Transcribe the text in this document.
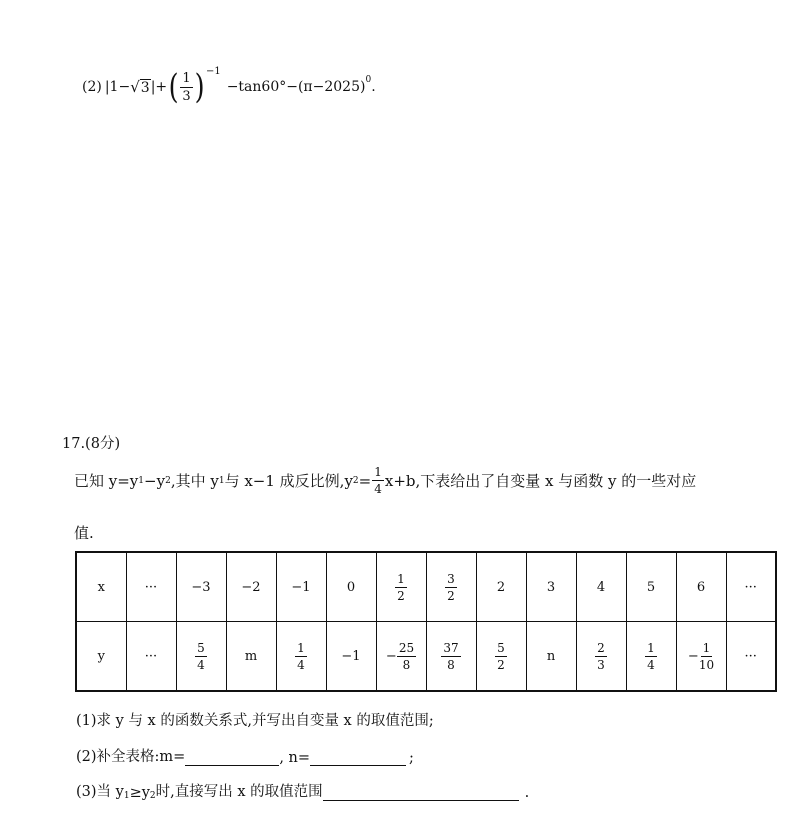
(2) |1− √ 3 |+ ( $\frac{1}{3}$ ) −1
−tan60°−(π−2025) 0 .
17.(8分)
已知 y=y 1 −y 2 ,其中 y 1 与 x−1 成反比例,y $2 = \frac{1}{4} x+b$,下表给出了自变量 x 与函数 y 的一些对应
值.
x	···	−3	−2	−1	0	$\frac{1}{2}$	$\frac{3}{2}$	2	3	4	5	6	···
y	···	$\frac{5}{4}$	m	$\frac{1}{4}$	−1	− $\frac{25}{8}$	$\frac{37}{8}$	$\frac{5}{2}$	n	$\frac{2}{3}$	$\frac{1}{4}$	− $\frac{1}{10}$	···
(1)求 y 与 x 的函数关系式,并写出自变量 x 的取值范围;
(2)补全表格:m=	, n=	;
(3)当 $y_1 \ge y_2$ 时,直接写出 x 的取值范围	.
